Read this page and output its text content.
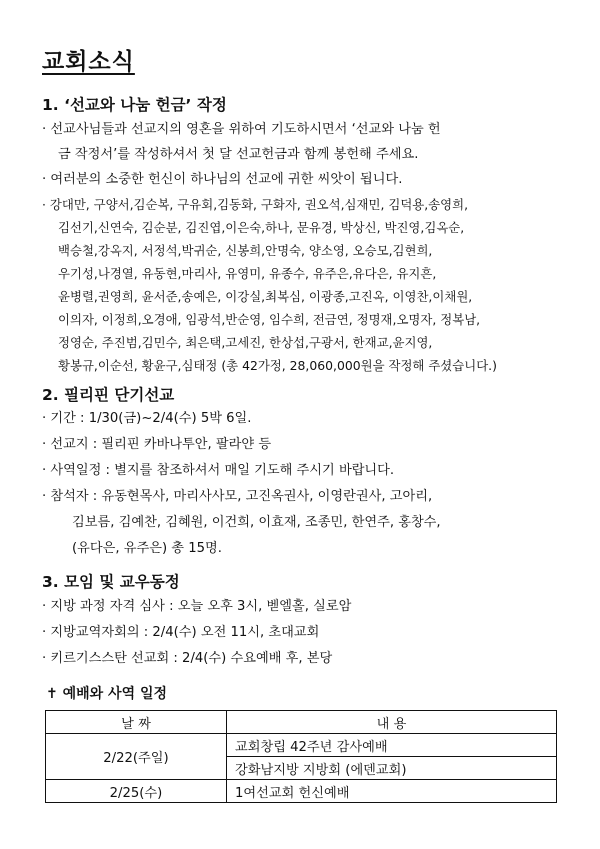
교회소식
1. ‘선교와 나눔 헌금’ 작정
· 선교사님들과 선교지의 영혼을 위하여 기도하시면서 ‘선교와 나눔 헌
금 작정서’를 작성하셔서 첫 달 선교헌금과 함께 봉헌해 주세요.
· 여러분의 소중한 헌신이 하나님의 선교에 귀한 씨앗이 됩니다.
· 강대만, 구양서,김순복, 구유회,김동화, 구화자, 권오석,심재민, 김덕용,송영희,
김선기,신연숙, 김순분, 김진엽,이은숙,하나, 문유경, 박상신, 박진영,김옥순,
백승철,강옥지, 서정석,박귀순, 신봉희,안명숙, 양소영, 오승모,김현희,
우기성,나경열, 유동현,마리사, 유영미, 유종수, 유주은,유다은, 유지흔,
윤병렬,권영희, 윤서준,송예은, 이강실,최복심, 이광종,고진옥, 이영찬,이채원,
이의자, 이정희,오경애, 임광석,반순영, 임수희, 전금연, 정명재,오명자, 정복남,
정영순, 주진범,김민수, 최은택,고세진, 한상섭,구광서, 한재교,윤지영,
황봉규,이순선, 황윤구,심태정 (총 42가정, 28,060,000원을 작정해 주셨습니다.)
2. 필리핀 단기선교
· 기간 : 1/30(금)~2/4(수) 5박 6일.
· 선교지 : 필리핀 카바나투안, 팔라얀 등
· 사역일정 : 별지를 참조하셔서 매일 기도해 주시기 바랍니다.
· 참석자 : 유동현목사, 마리사사모, 고진옥권사, 이영란권사, 고아리,
김보름, 김예찬, 김혜원, 이건희, 이효재, 조종민, 한연주, 홍창수,
(유다은, 유주은) 총 15명.
3. 모임 및 교우동정
· 지방 과정 자격 심사 : 오늘 오후 3시, 벧엘홀, 실로암
· 지방교역자회의 : 2/4(수) 오전 11시, 초대교회
· 키르기스스탄 선교회 : 2/4(수) 수요예배 후, 본당
✝ 예배와 사역 일정
날 짜	내 용
2/22(주일)	교회창립 42주년 감사예배
	강화남지방 지방회 (에덴교회)
2/25(수)	1여선교회 헌신예배
